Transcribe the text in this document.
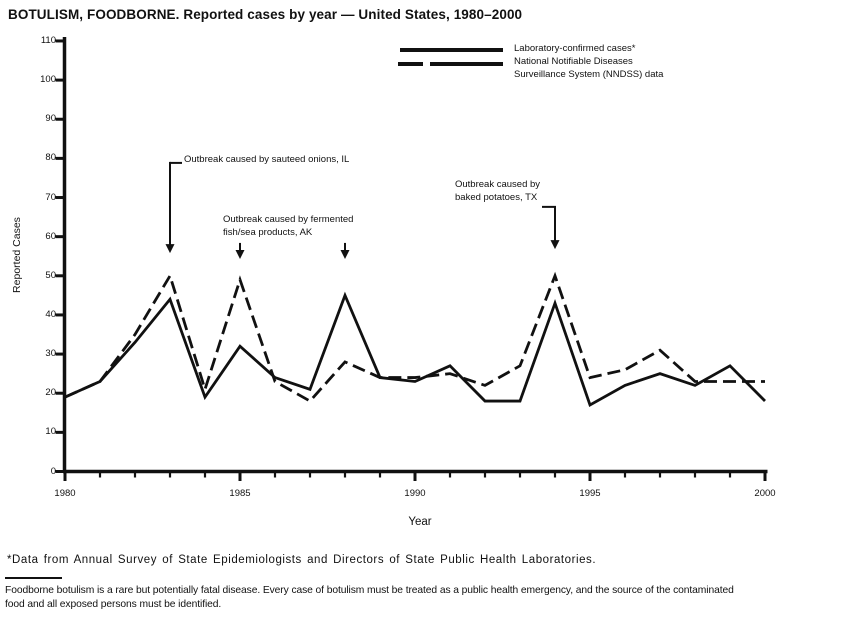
BOTULISM, FOODBORNE. Reported cases by year — United States, 1980–2000
Reported Cases
Year
Laboratory-confirmed cases*
National Notifiable Diseases
Surveillance System (NNDSS) data
Outbreak caused by sauteed onions, IL
Outbreak caused by fermented
fish/sea products, AK
Outbreak caused by
baked potatoes, TX
0
10
20
30
40
50
60
70
80
90
100
110
1980	1985	1990	1995	2000
*Data from Annual Survey of State Epidemiologists and Directors of State Public Health Laboratories.
Foodborne botulism is a rare but potentially fatal disease. Every case of botulism must be treated as a public health emergency, and the source of the contaminated
food and all exposed persons must be identified.
